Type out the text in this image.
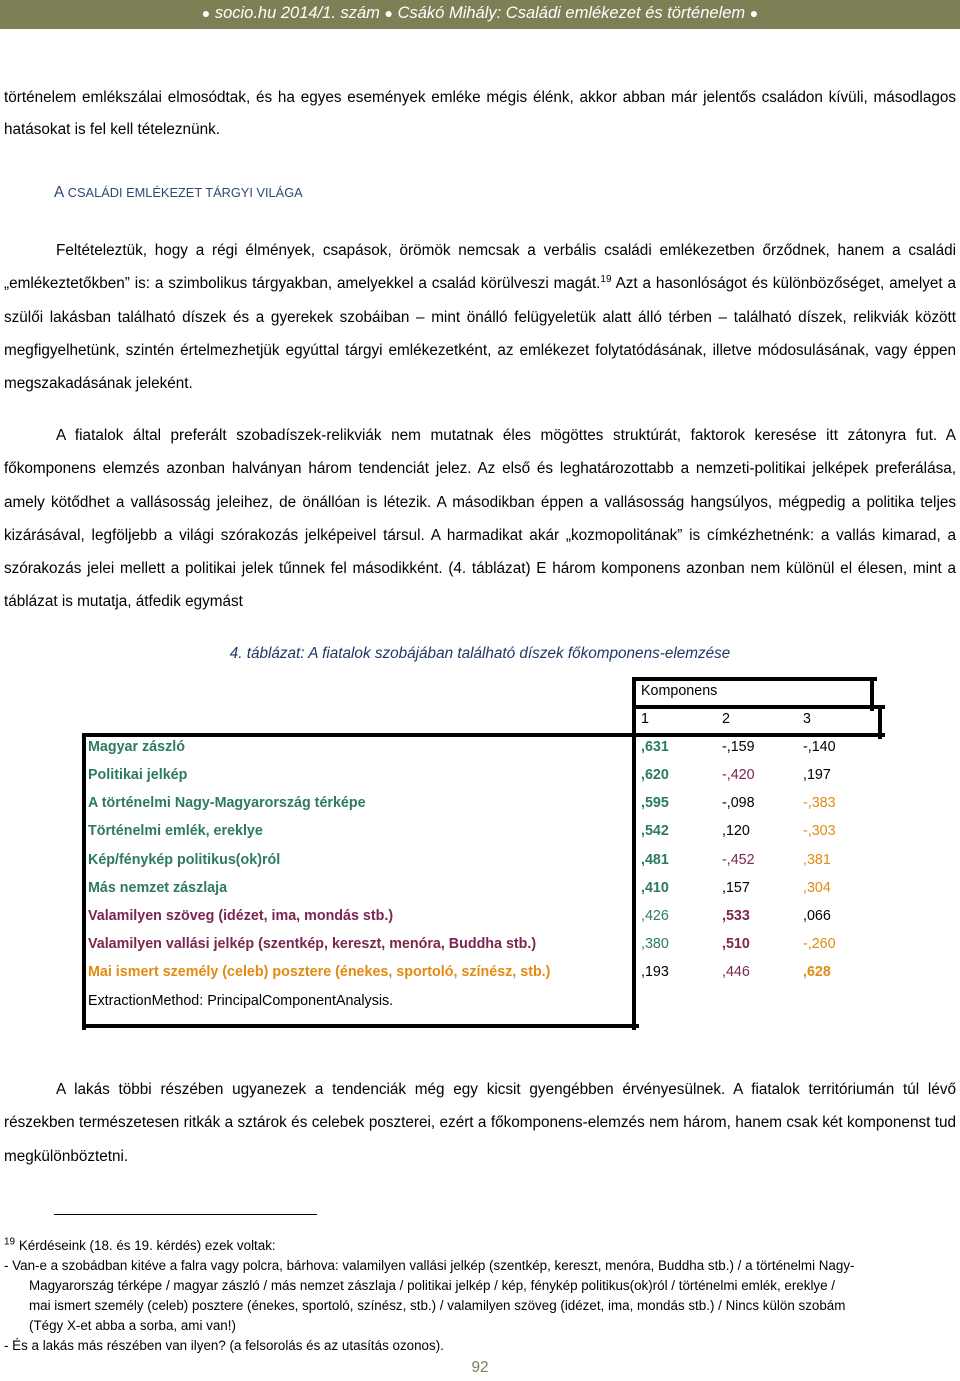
● socio.hu 2014/1. szám ● Csákó Mihály: Családi emlékezet és történelem ●

történelem emlékszálai elmosódtak, és ha egyes események emléke mégis élénk, akkor abban már jelentős családon kívüli, másodlagos hatásokat is fel kell tételeznünk.

A CSALÁDI EMLÉKEZET TÁRGYI VILÁGA

Feltételeztük, hogy a régi élmények, csapások, örömök nemcsak a verbális családi emlékezetben őrződnek, hanem a családi „emlékeztetőkben” is: a szimbolikus tárgyakban, amelyekkel a család körülveszi magát.$^{19}$ Azt a hasonlóságot és különbözőséget, amelyet a szülői lakásban található díszek és a gyerekek szobáiban – mint önálló felügyeletük alatt álló térben – található díszek, relikviák között megfigyelhetünk, szintén értelmezhetjük egyúttal tárgyi emlékezetként, az emlékezet folytatódásának, illetve módosulásának, vagy éppen megszakadásának jeleként.

A fiatalok által preferált szobadíszek-relikviák nem mutatnak éles mögöttes struktúrát, faktorok keresése itt zátonyra fut. A főkomponens elemzés azonban halványan három tendenciát jelez. Az első és leghatározottabb a nemzeti-politikai jelképek preferálása, amely kötődhet a vallásosság jeleihez, de önállóan is létezik. A másodikban éppen a vallásosság hangsúlyos, mégpedig a politika teljes kizárásával, legföljebb a világi szórakozás jelképeivel társul. A harmadikat akár „kozmopolitának” is címkézhetnénk: a vallás kimarad, a szórakozás jelei mellett a politikai jelek tűnnek fel másodikként. (4. táblázat) E három komponens azonban nem különül el élesen, mint a táblázat is mutatja, átfedik egymást

4. táblázat: A fiatalok szobájában található díszek főkomponens-elemzése
Komponens
1	2	3
Magyar zászló	,631	-,159	-,140
Politikai jelkép	,620	-,420	,197
A történelmi Nagy-Magyarország térképe	,595	-,098	-,383
Történelmi emlék, ereklye	,542	,120	-,303
Kép/fénykép politikus(ok)ról	,481	-,452	,381
Más nemzet zászlaja	,410	,157	,304
Valamilyen szöveg (idézet, ima, mondás stb.)	,426	,533	,066
Valamilyen vallási jelkép (szentkép, kereszt, menóra, Buddha stb.)	,380	,510	-,260
Mai ismert személy (celeb) posztere (énekes, sportoló, színész, stb.)	,193	,446	,628
ExtractionMethod: PrincipalComponentAnalysis.

A lakás többi részében ugyanezek a tendenciák még egy kicsit gyengébben érvényesülnek. A fiatalok territóriumán túl lévő részekben természetesen ritkák a sztárok és celebek poszterei, ezért a főkomponens-elemzés nem három, hanem csak két komponenst tud megkülönböztetni.

$^{19}$ Kérdéseink (18. és 19. kérdés) ezek voltak:
- Van-e a szobádban kitéve a falra vagy polcra, bárhova: valamilyen vallási jelkép (szentkép, kereszt, menóra, Buddha stb.) / a történelmi Nagy-
Magyarország térképe / magyar zászló / más nemzet zászlaja / politikai jelkép / kép, fénykép politikus(ok)ról / történelmi emlék, ereklye /
mai ismert személy (celeb) posztere (énekes, sportoló, színész, stb.) / valamilyen szöveg (idézet, ima, mondás stb.) / Nincs külön szobám
(Tégy X-et abba a sorba, ami van!)
- És a lakás más részében van ilyen? (a felsorolás és az utasítás ozonos).
92
